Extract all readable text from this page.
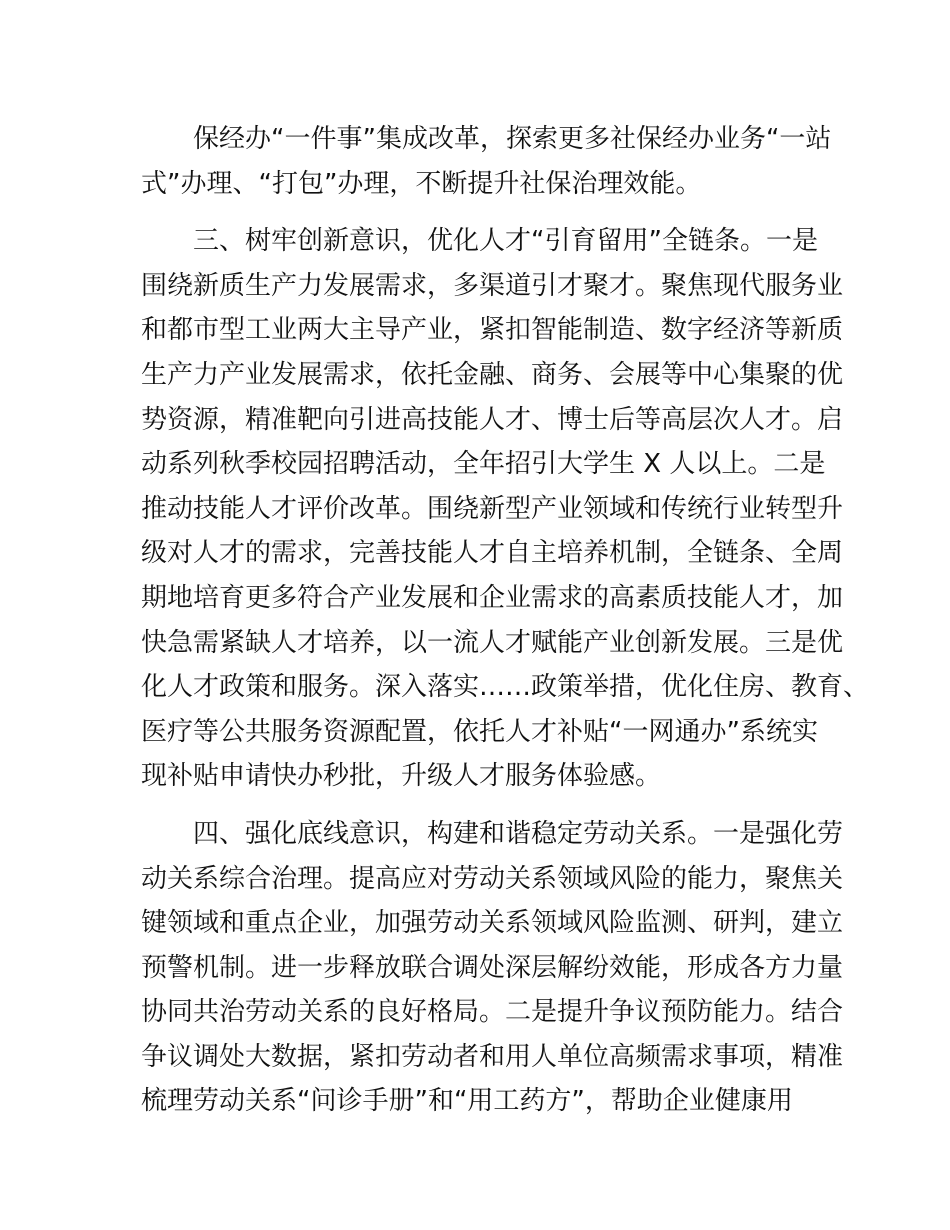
保经办“一件事”集成改革，探索更多社保经办业务“一站
式”办理、“打包”办理，不断提升社保治理效能。
三、树牢创新意识，优化人才“引育留用”全链条。一是
围绕新质生产力发展需求，多渠道引才聚才。聚焦现代服务业
和都市型工业两大主导产业，紧扣智能制造、数字经济等新质
生产力产业发展需求，依托金融、商务、会展等中心集聚的优
势资源，精准靶向引进高技能人才、博士后等高层次人才。启
动系列秋季校园招聘活动，全年招引大学生 X 人以上。二是
推动技能人才评价改革。围绕新型产业领域和传统行业转型升
级对人才的需求，完善技能人才自主培养机制，全链条、全周
期地培育更多符合产业发展和企业需求的高素质技能人才，加
快急需紧缺人才培养，以一流人才赋能产业创新发展。三是优
化人才政策和服务。深入落实……政策举措，优化住房、教育、
医疗等公共服务资源配置，依托人才补贴“一网通办”系统实
现补贴申请快办秒批，升级人才服务体验感。
四、强化底线意识，构建和谐稳定劳动关系。一是强化劳
动关系综合治理。提高应对劳动关系领域风险的能力，聚焦关
键领域和重点企业，加强劳动关系领域风险监测、研判，建立
预警机制。进一步释放联合调处深层解纷效能，形成各方力量
协同共治劳动关系的良好格局。二是提升争议预防能力。结合
争议调处大数据，紧扣劳动者和用人单位高频需求事项，精准
梳理劳动关系“问诊手册”和“用工药方”，帮助企业健康用
